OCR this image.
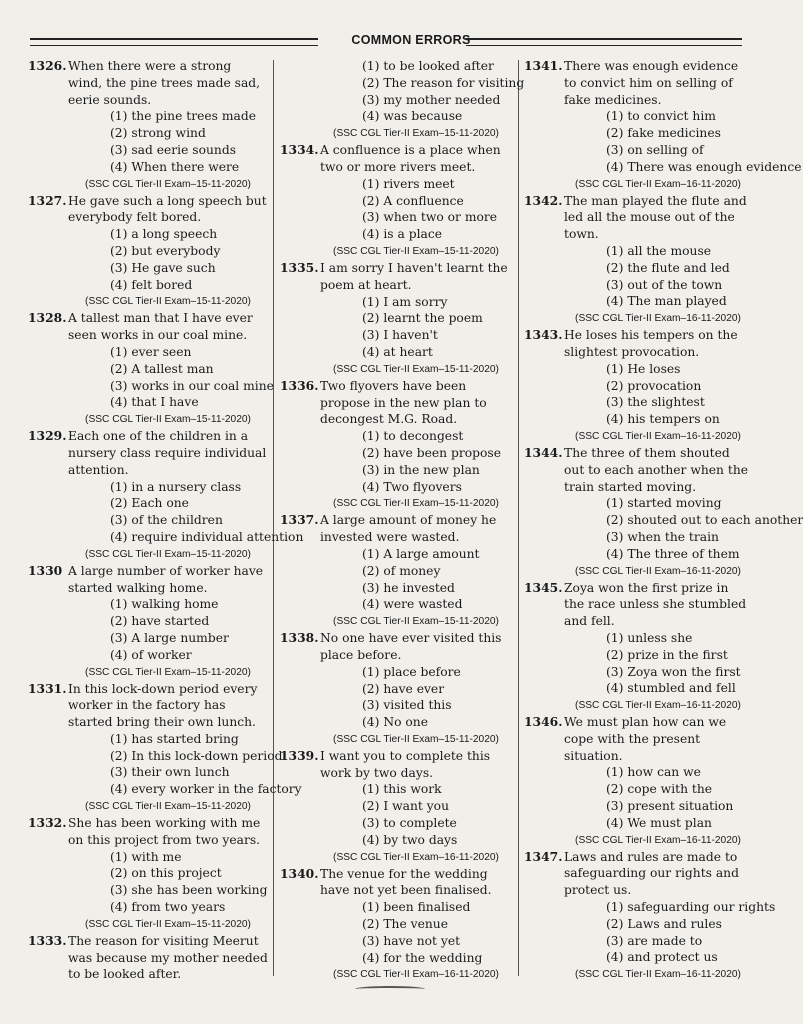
COMMON ERRORS
1326. When there were a strong wind, the pine trees made sad, eerie sounds.
(1) the pine trees made
(2) strong wind
(3) sad eerie sounds
(4) When there were
(SSC CGL Tier-II Exam–15-11-2020)
1327. He gave such a long speech but everybody felt bored.
(1) a long speech
(2) but everybody
(3) He gave such
(4) felt bored
(SSC CGL Tier-II Exam–15-11-2020)
1328. A tallest man that I have ever seen works in our coal mine.
(1) ever seen
(2) A tallest man
(3) works in our coal mine
(4) that I have
(SSC CGL Tier-II Exam–15-11-2020)
1329. Each one of the children in a nursery class require individual attention.
(1) in a nursery class
(2) Each one
(3) of the children
(4) require individual attention
(SSC CGL Tier-II Exam–15-11-2020)
1330 A large number of worker have started walking home.
(1) walking home
(2) have started
(3) A large number
(4) of worker
(SSC CGL Tier-II Exam–15-11-2020)
1331. In this lock-down period every worker in the factory has started bring their own lunch.
(1) has started bring
(2) In this lock-down period
(3) their own lunch
(4) every worker in the factory
(SSC CGL Tier-II Exam–15-11-2020)
1332. She has been working with me on this project from two years.
(1) with me
(2) on this project
(3) she has been working
(4) from two years
(SSC CGL Tier-II Exam–15-11-2020)
1333. The reason for visiting Meerut was because my mother needed to be looked after.
(1) to be looked after
(2) The reason for visiting
(3) my mother needed
(4) was because
(SSC CGL Tier-II Exam–15-11-2020)
1334. A confluence is a place when two or more rivers meet.
(1) rivers meet
(2) A confluence
(3) when two or more
(4) is a place
(SSC CGL Tier-II Exam–15-11-2020)
1335. I am sorry I haven't learnt the poem at heart.
(1) I am sorry
(2) learnt the poem
(3) I haven't
(4) at heart
(SSC CGL Tier-II Exam–15-11-2020)
1336. Two flyovers have been propose in the new plan to decongest M.G. Road.
(1) to decongest
(2) have been propose
(3) in the new plan
(4) Two flyovers
(SSC CGL Tier-II Exam–15-11-2020)
1337. A large amount of money he invested were wasted.
(1) A large amount
(2) of money
(3) he invested
(4) were wasted
(SSC CGL Tier-II Exam–15-11-2020)
1338. No one have ever visited this place before.
(1) place before
(2) have ever
(3) visited this
(4) No one
(SSC CGL Tier-II Exam–15-11-2020)
1339. I want you to complete this work by two days.
(1) this work
(2) I want you
(3) to complete
(4) by two days
(SSC CGL Tier-II Exam–16-11-2020)
1340. The venue for the wedding have not yet been finalised.
(1) been finalised
(2) The venue
(3) have not yet
(4) for the wedding
(SSC CGL Tier-II Exam–16-11-2020)
1341. There was enough evidence to convict him on selling of fake medicines.
(1) to convict him
(2) fake medicines
(3) on selling of
(4) There was enough evidence
(SSC CGL Tier-II Exam–16-11-2020)
1342. The man played the flute and led all the mouse out of the town.
(1) all the mouse
(2) the flute and led
(3) out of the town
(4) The man played
(SSC CGL Tier-II Exam–16-11-2020)
1343. He loses his tempers on the slightest provocation.
(1) He loses
(2) provocation
(3) the slightest
(4) his tempers on
(SSC CGL Tier-II Exam–16-11-2020)
1344. The three of them shouted out to each another when the train started moving.
(1) started moving
(2) shouted out to each another
(3) when the train
(4) The three of them
(SSC CGL Tier-II Exam–16-11-2020)
1345. Zoya won the first prize in the race unless she stumbled and fell.
(1) unless she
(2) prize in the first
(3) Zoya won the first
(4) stumbled and fell
(SSC CGL Tier-II Exam–16-11-2020)
1346. We must plan how can we cope with the present situation.
(1) how can we
(2) cope with the
(3) present situation
(4) We must plan
(SSC CGL Tier-II Exam–16-11-2020)
1347. Laws and rules are made to safeguarding our rights and protect us.
(1) safeguarding our rights
(2) Laws and rules
(3) are made to
(4) and protect us
(SSC CGL Tier-II Exam–16-11-2020)
